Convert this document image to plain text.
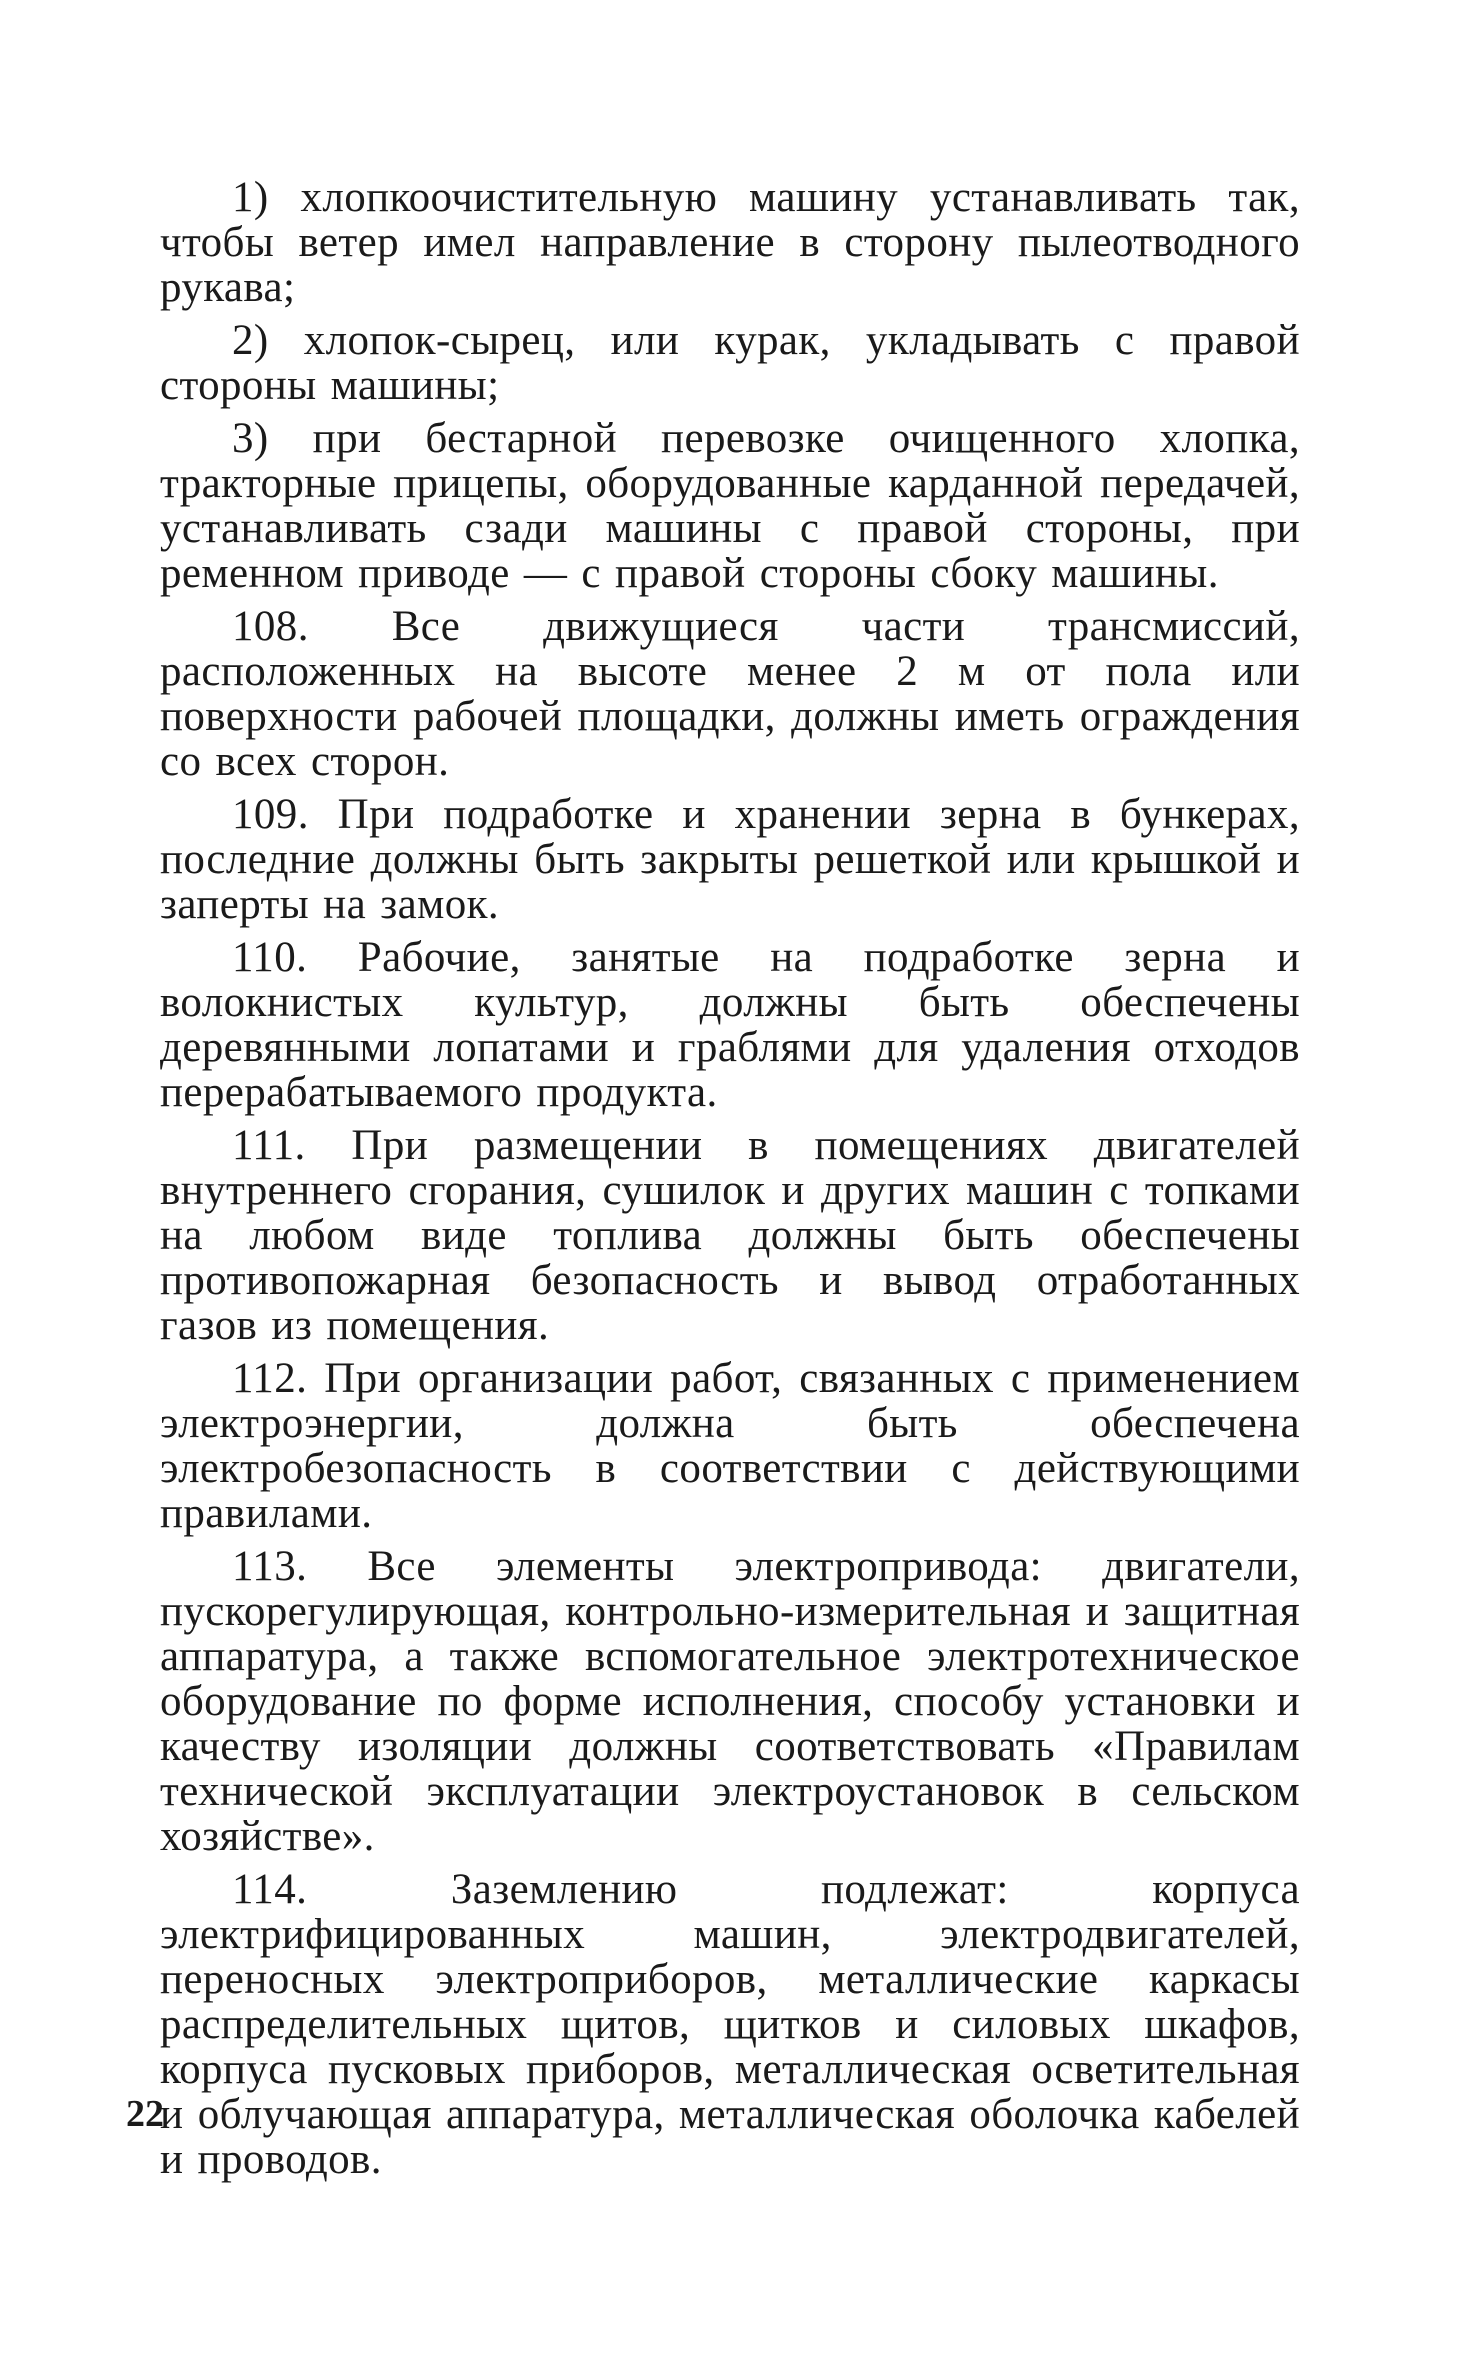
1) хлопкоочистительную машину устанавливать так, чтобы ветер имел направление в сторону пылеотводного рукава;

2) хлопок-сырец, или курак, укладывать с правой стороны машины;

3) при бестарной перевозке очищенного хлопка, тракторные прицепы, оборудованные карданной передачей, устанавливать сзади машины с правой стороны, при ременном приводе — с правой стороны сбоку машины.

108. Все движущиеся части трансмиссий, расположенных на высоте менее 2 м от пола или поверхности рабочей площадки, должны иметь ограждения со всех сторон.

109. При подработке и хранении зерна в бункерах, последние должны быть закрыты решеткой или крышкой и заперты на замок.

110. Рабочие, занятые на подработке зерна и волокнистых культур, должны быть обеспечены деревянными лопатами и граблями для удаления отходов перерабатываемого продукта.

111. При размещении в помещениях двигателей внутреннего сгорания, сушилок и других машин с топками на любом виде топлива должны быть обеспечены противопожарная безопасность и вывод отработанных газов из помещения.

112. При организации работ, связанных с применением электроэнергии, должна быть обеспечена электробезопасность в соответствии с действующими правилами.

113. Все элементы электропривода: двигатели, пускорегулирующая, контрольно-измерительная и защитная аппаратура, а также вспомогательное электротехническое оборудование по форме исполнения, способу установки и качеству изоляции должны соответствовать «Правилам технической эксплуатации электроустановок в сельском хозяйстве».

114. Заземлению подлежат: корпуса электрифицированных машин, электродвигателей, переносных электроприборов, металлические каркасы распределительных щитов, щитков и силовых шкафов, корпуса пусковых приборов, металлическая осветительная и облучающая аппаратура, металлическая оболочка кабелей и проводов.

22
